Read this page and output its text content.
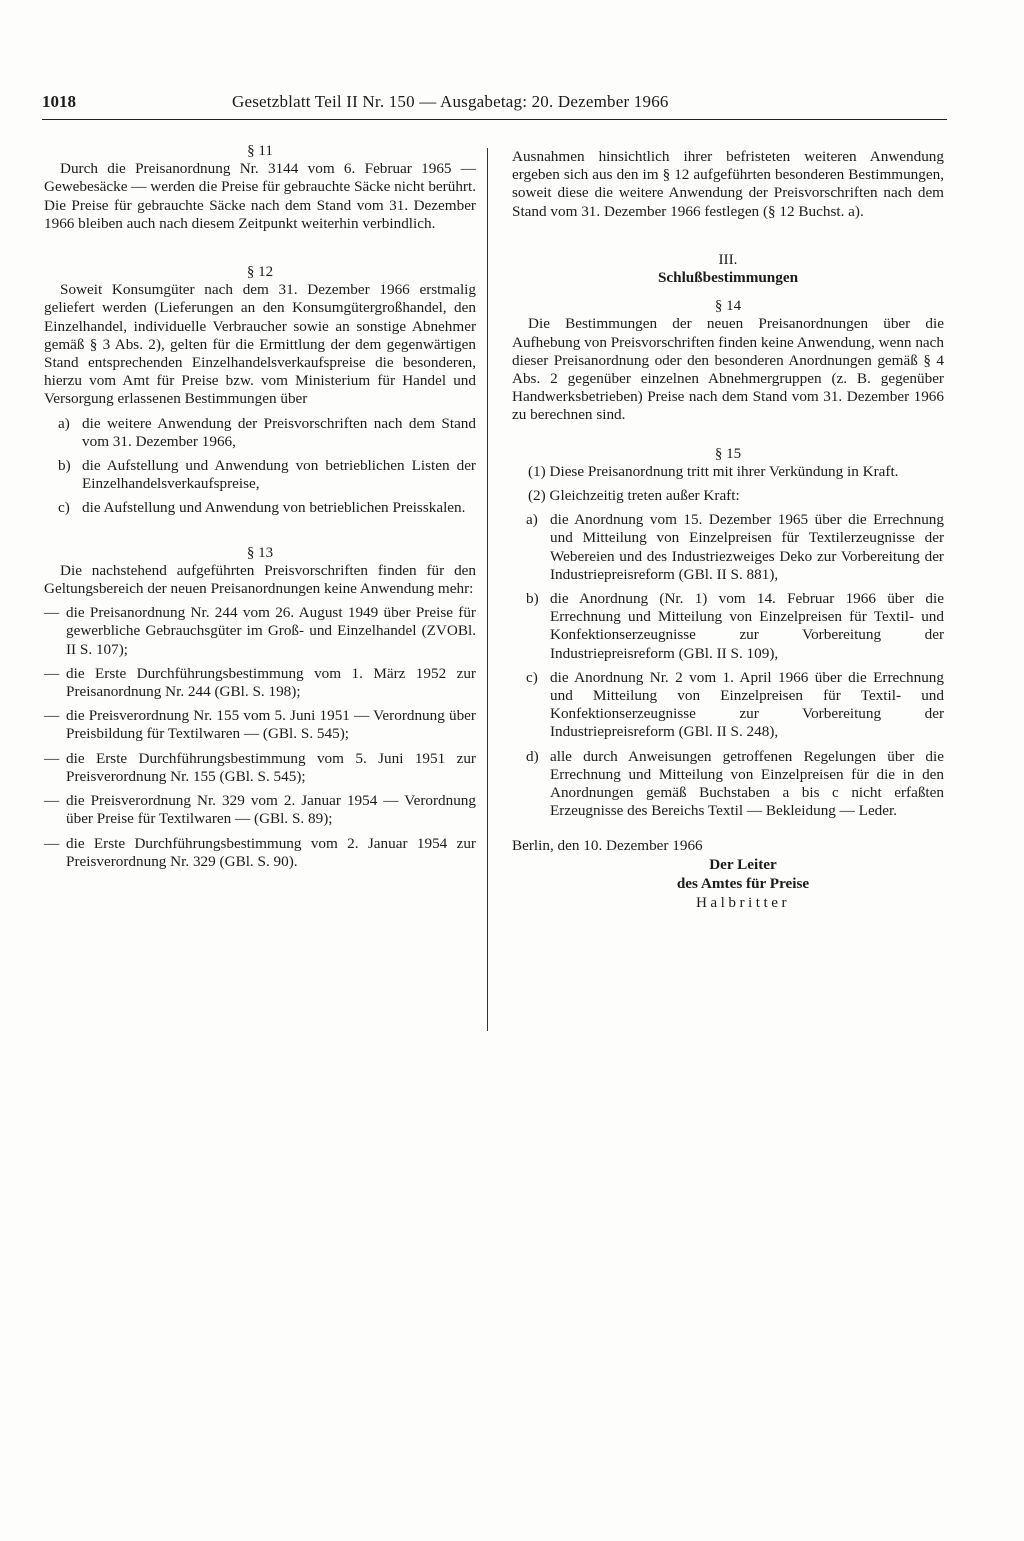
1018	Gesetzblatt Teil II Nr. 150 — Ausgabetag: 20. Dezember 1966

§ 11

Durch die Preisanordnung Nr. 3144 vom 6. Februar 1965 — Gewebesäcke — werden die Preise für gebrauchte Säcke nicht berührt. Die Preise für gebrauchte Säcke nach dem Stand vom 31. Dezember 1966 bleiben auch nach diesem Zeitpunkt weiterhin verbindlich.

§ 12

Soweit Konsumgüter nach dem 31. Dezember 1966 erstmalig geliefert werden (Lieferungen an den Konsumgütergroßhandel, den Einzelhandel, individuelle Verbraucher sowie an sonstige Abnehmer gemäß § 3 Abs. 2), gelten für die Ermittlung der dem gegenwärtigen Stand entsprechenden Einzelhandelsverkaufspreise die besonderen, hierzu vom Amt für Preise bzw. vom Ministerium für Handel und Versorgung erlassenen Bestimmungen über

a) die weitere Anwendung der Preisvorschriften nach dem Stand vom 31. Dezember 1966,
b) die Aufstellung und Anwendung von betrieblichen Listen der Einzelhandelsverkaufspreise,
c) die Aufstellung und Anwendung von betrieblichen Preisskalen.

§ 13

Die nachstehend aufgeführten Preisvorschriften finden für den Geltungsbereich der neuen Preisanordnungen keine Anwendung mehr:

— die Preisanordnung Nr. 244 vom 26. August 1949 über Preise für gewerbliche Gebrauchsgüter im Groß- und Einzelhandel (ZVOBl. II S. 107);
— die Erste Durchführungsbestimmung vom 1. März 1952 zur Preisanordnung Nr. 244 (GBl. S. 198);
— die Preisverordnung Nr. 155 vom 5. Juni 1951 — Verordnung über Preisbildung für Textilwaren — (GBl. S. 545);
— die Erste Durchführungsbestimmung vom 5. Juni 1951 zur Preisverordnung Nr. 155 (GBl. S. 545);
— die Preisverordnung Nr. 329 vom 2. Januar 1954 — Verordnung über Preise für Textilwaren — (GBl. S. 89);
— die Erste Durchführungsbestimmung vom 2. Januar 1954 zur Preisverordnung Nr. 329 (GBl. S. 90).

Ausnahmen hinsichtlich ihrer befristeten weiteren Anwendung ergeben sich aus den im § 12 aufgeführten besonderen Bestimmungen, soweit diese die weitere Anwendung der Preisvorschriften nach dem Stand vom 31. Dezember 1966 festlegen (§ 12 Buchst. a).

III.

Schlußbestimmungen

§ 14

Die Bestimmungen der neuen Preisanordnungen über die Aufhebung von Preisvorschriften finden keine Anwendung, wenn nach dieser Preisanordnung oder den besonderen Anordnungen gemäß § 4 Abs. 2 gegenüber einzelnen Abnehmergruppen (z. B. gegenüber Handwerksbetrieben) Preise nach dem Stand vom 31. Dezember 1966 zu berechnen sind.

§ 15

(1) Diese Preisanordnung tritt mit ihrer Verkündung in Kraft.

(2) Gleichzeitig treten außer Kraft:

a) die Anordnung vom 15. Dezember 1965 über die Errechnung und Mitteilung von Einzelpreisen für Textilerzeugnisse der Webereien und des Industriezweiges Deko zur Vorbereitung der Industriepreisreform (GBl. II S. 881),
b) die Anordnung (Nr. 1) vom 14. Februar 1966 über die Errechnung und Mitteilung von Einzelpreisen für Textil- und Konfektionserzeugnisse zur Vorbereitung der Industriepreisreform (GBl. II S. 109),
c) die Anordnung Nr. 2 vom 1. April 1966 über die Errechnung und Mitteilung von Einzelpreisen für Textil- und Konfektionserzeugnisse zur Vorbereitung der Industriepreisreform (GBl. II S. 248),
d) alle durch Anweisungen getroffenen Regelungen über die Errechnung und Mitteilung von Einzelpreisen für die in den Anordnungen gemäß Buchstaben a bis c nicht erfaßten Erzeugnisse des Bereichs Textil — Bekleidung — Leder.

Berlin, den 10. Dezember 1966

Der Leiter
des Amtes für Preise
Halbritter
